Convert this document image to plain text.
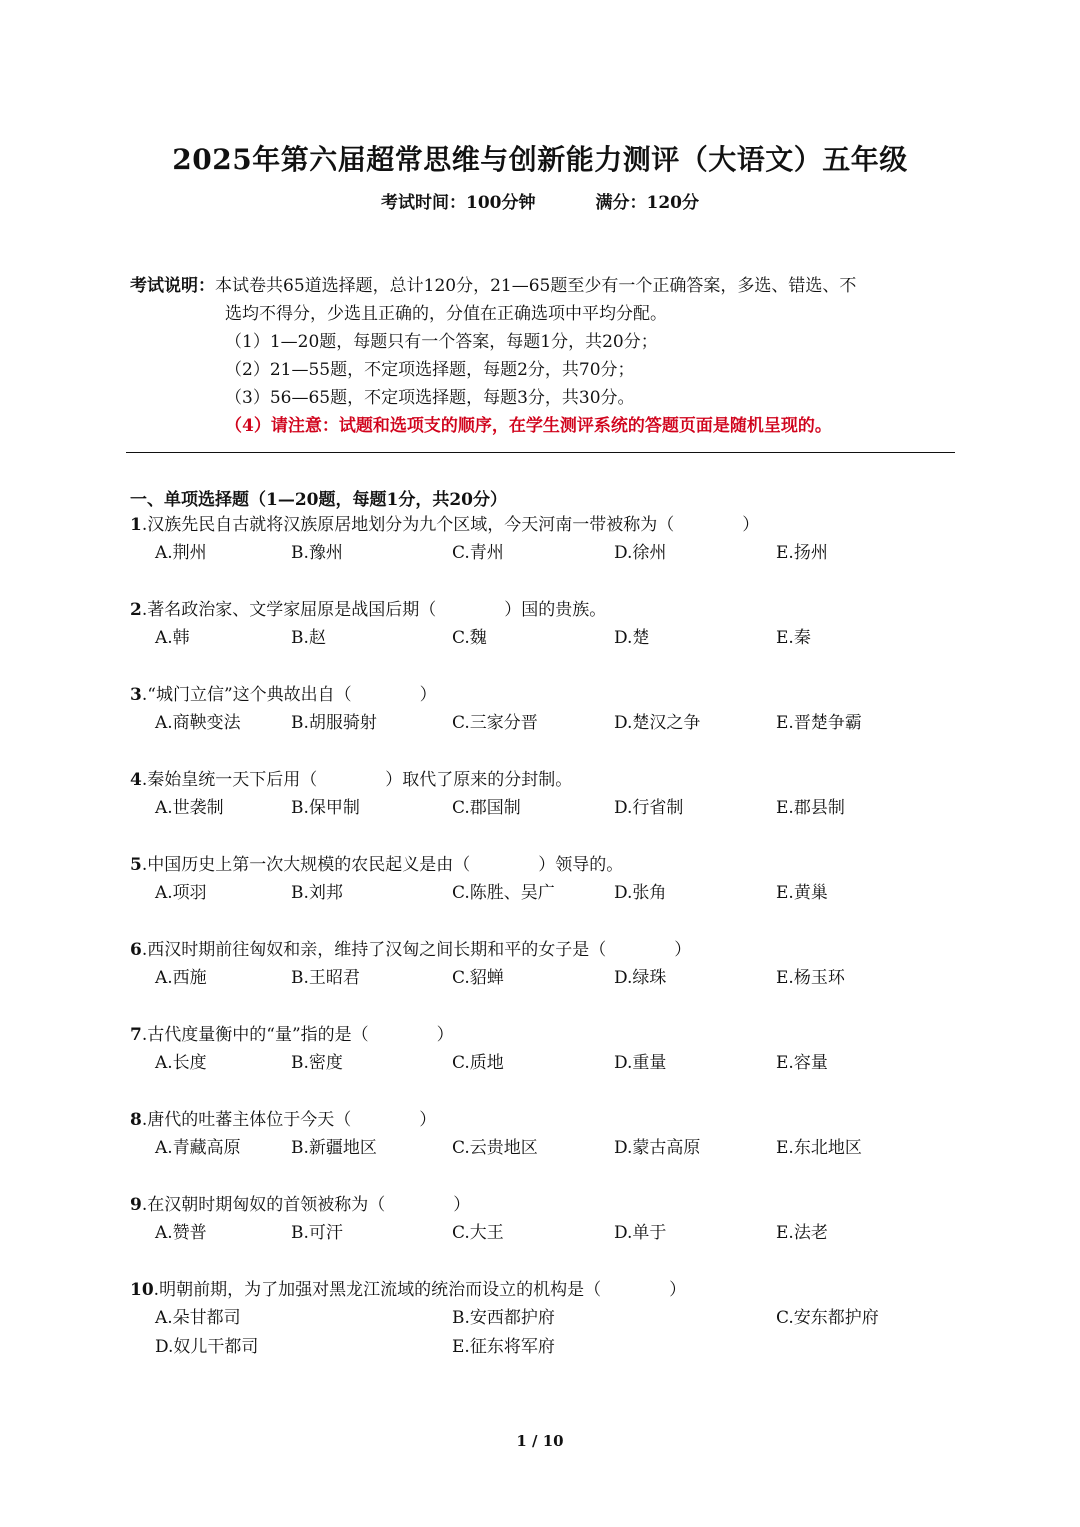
2025年第六届超常思维与创新能力测评（大语文）五年级
考试时间：100分钟	满分：120分
考试说明：本试卷共65道选择题，总计120分，21—65题至少有一个正确答案，多选、错选、不
选均不得分，少选且正确的，分值在正确选项中平均分配。
（1）1—20题，每题只有一个答案，每题1分，共20分；
（2）21—55题，不定项选择题，每题2分，共70分；
（3）56—65题，不定项选择题，每题3分，共30分。
（4）请注意：试题和选项支的顺序，在学生测评系统的答题页面是随机呈现的。
一、单项选择题（1—20题，每题1分，共20分）
1.汉族先民自古就将汉族原居地划分为九个区域，今天河南一带被称为（　　　　）
A.荆州	B.豫州	C.青州	D.徐州	E.扬州
2.著名政治家、文学家屈原是战国后期（　　　　）国的贵族。
A.韩	B.赵	C.魏	D.楚	E.秦
3.“城门立信”这个典故出自（　　　　）
A.商鞅变法	B.胡服骑射	C.三家分晋	D.楚汉之争	E.晋楚争霸
4.秦始皇统一天下后用（　　　　）取代了原来的分封制。
A.世袭制	B.保甲制	C.郡国制	D.行省制	E.郡县制
5.中国历史上第一次大规模的农民起义是由（　　　　）领导的。
A.项羽	B.刘邦	C.陈胜、吴广	D.张角	E.黄巢
6.西汉时期前往匈奴和亲，维持了汉匈之间长期和平的女子是（　　　　）
A.西施	B.王昭君	C.貂蝉	D.绿珠	E.杨玉环
7.古代度量衡中的“量”指的是（　　　　）
A.长度	B.密度	C.质地	D.重量	E.容量
8.唐代的吐蕃主体位于今天（　　　　）
A.青藏高原	B.新疆地区	C.云贵地区	D.蒙古高原	E.东北地区
9.在汉朝时期匈奴的首领被称为（　　　　）
A.赞普	B.可汗	C.大王	D.单于	E.法老
10.明朝前期，为了加强对黑龙江流域的统治而设立的机构是（　　　　）
A.朵甘都司	B.安西都护府	C.安东都护府
D.奴儿干都司	E.征东将军府
1 / 10
